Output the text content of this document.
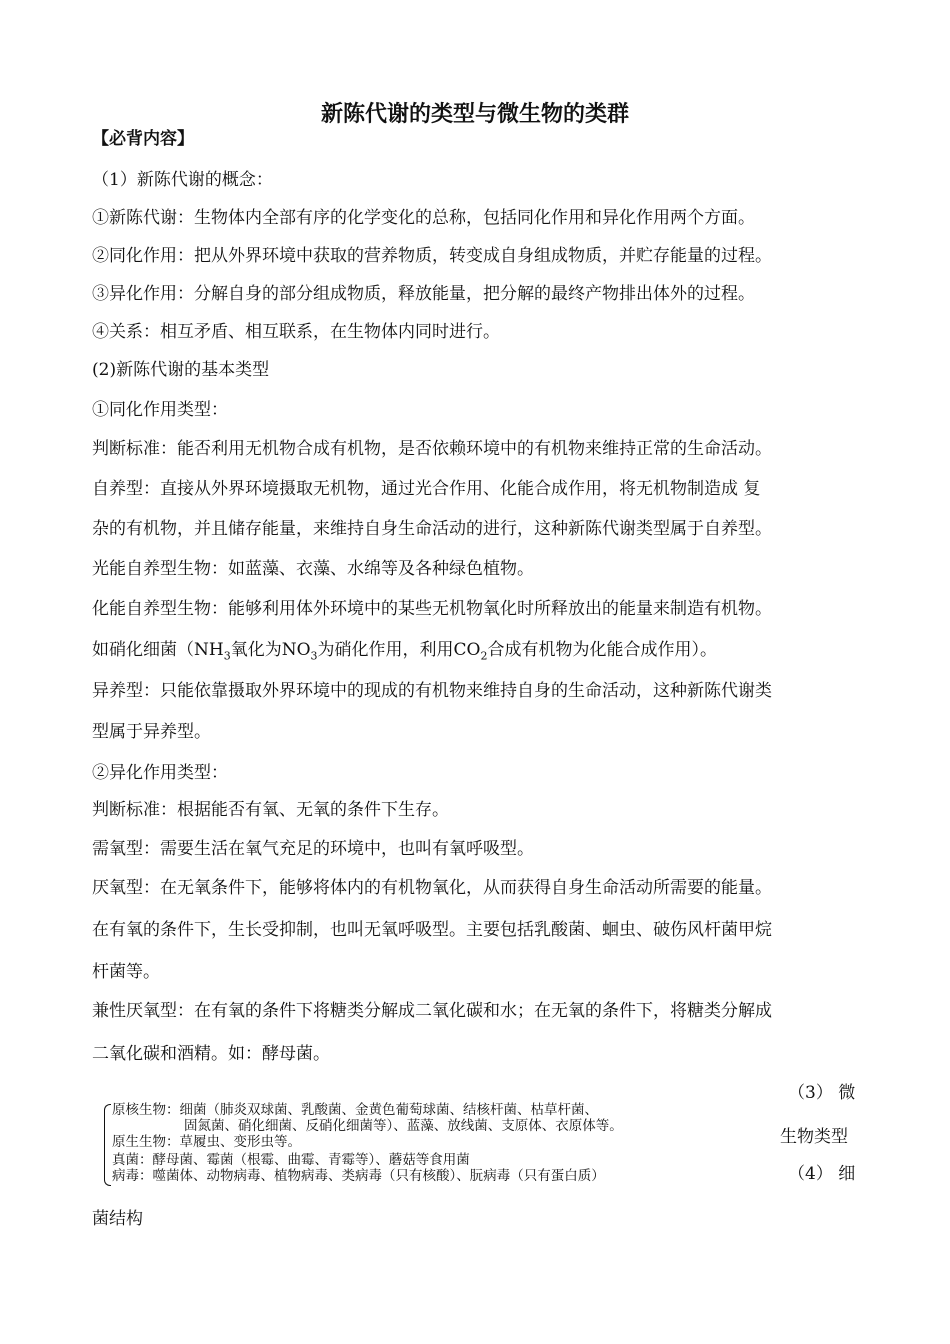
新陈代谢的类型与微生物的类群
【必背内容】
（1）新陈代谢的概念：
①新陈代谢：生物体内全部有序的化学变化的总称，包括同化作用和异化作用两个方面。
②同化作用：把从外界环境中获取的营养物质，转变成自身组成物质，并贮存能量的过程。
③异化作用：分解自身的部分组成物质，释放能量，把分解的最终产物排出体外的过程。
④关系：相互矛盾、相互联系，在生物体内同时进行。
(2)新陈代谢的基本类型
①同化作用类型：
判断标准：能否利用无机物合成有机物，是否依赖环境中的有机物来维持正常的生命活动。
自养型：直接从外界环境摄取无机物，通过光合作用、化能合成作用，将无机物制造成 复
杂的有机物，并且储存能量，来维持自身生命活动的进行，这种新陈代谢类型属于自养型。
光能自养型生物：如蓝藻、衣藻、水绵等及各种绿色植物。
化能自养型生物：能够利用体外环境中的某些无机物氧化时所释放出的能量来制造有机物。
如硝化细菌（$NH_3$氧化为$NO_3$为硝化作用，利用$CO_2$合成有机物为化能合成作用）。
异养型：只能依靠摄取外界环境中的现成的有机物来维持自身的生命活动，这种新陈代谢类
型属于异养型。
②异化作用类型：
判断标准：根据能否有氧、无氧的条件下生存。
需氧型：需要生活在氧气充足的环境中，也叫有氧呼吸型。
厌氧型：在无氧条件下，能够将体内的有机物氧化，从而获得自身生命活动所需要的能量。
在有氧的条件下，生长受抑制，也叫无氧呼吸型。主要包括乳酸菌、蛔虫、破伤风杆菌甲烷
杆菌等。
兼性厌氧型：在有氧的条件下将糖类分解成二氧化碳和水；在无氧的条件下，将糖类分解成
二氧化碳和酒精。如：酵母菌。
（3） 微
生物类型
原核生物：细菌（肺炎双球菌、乳酸菌、金黄色葡萄球菌、结核杆菌、枯草杆菌、
固氮菌、硝化细菌、反硝化细菌等）、蓝藻、放线菌、支原体、衣原体等。
原生生物：草履虫、变形虫等。
真菌：酵母菌、霉菌（根霉、曲霉、青霉等）、蘑菇等食用菌
病毒：噬菌体、动物病毒、植物病毒、类病毒（只有核酸）、朊病毒（只有蛋白质）	（4） 细
菌结构
